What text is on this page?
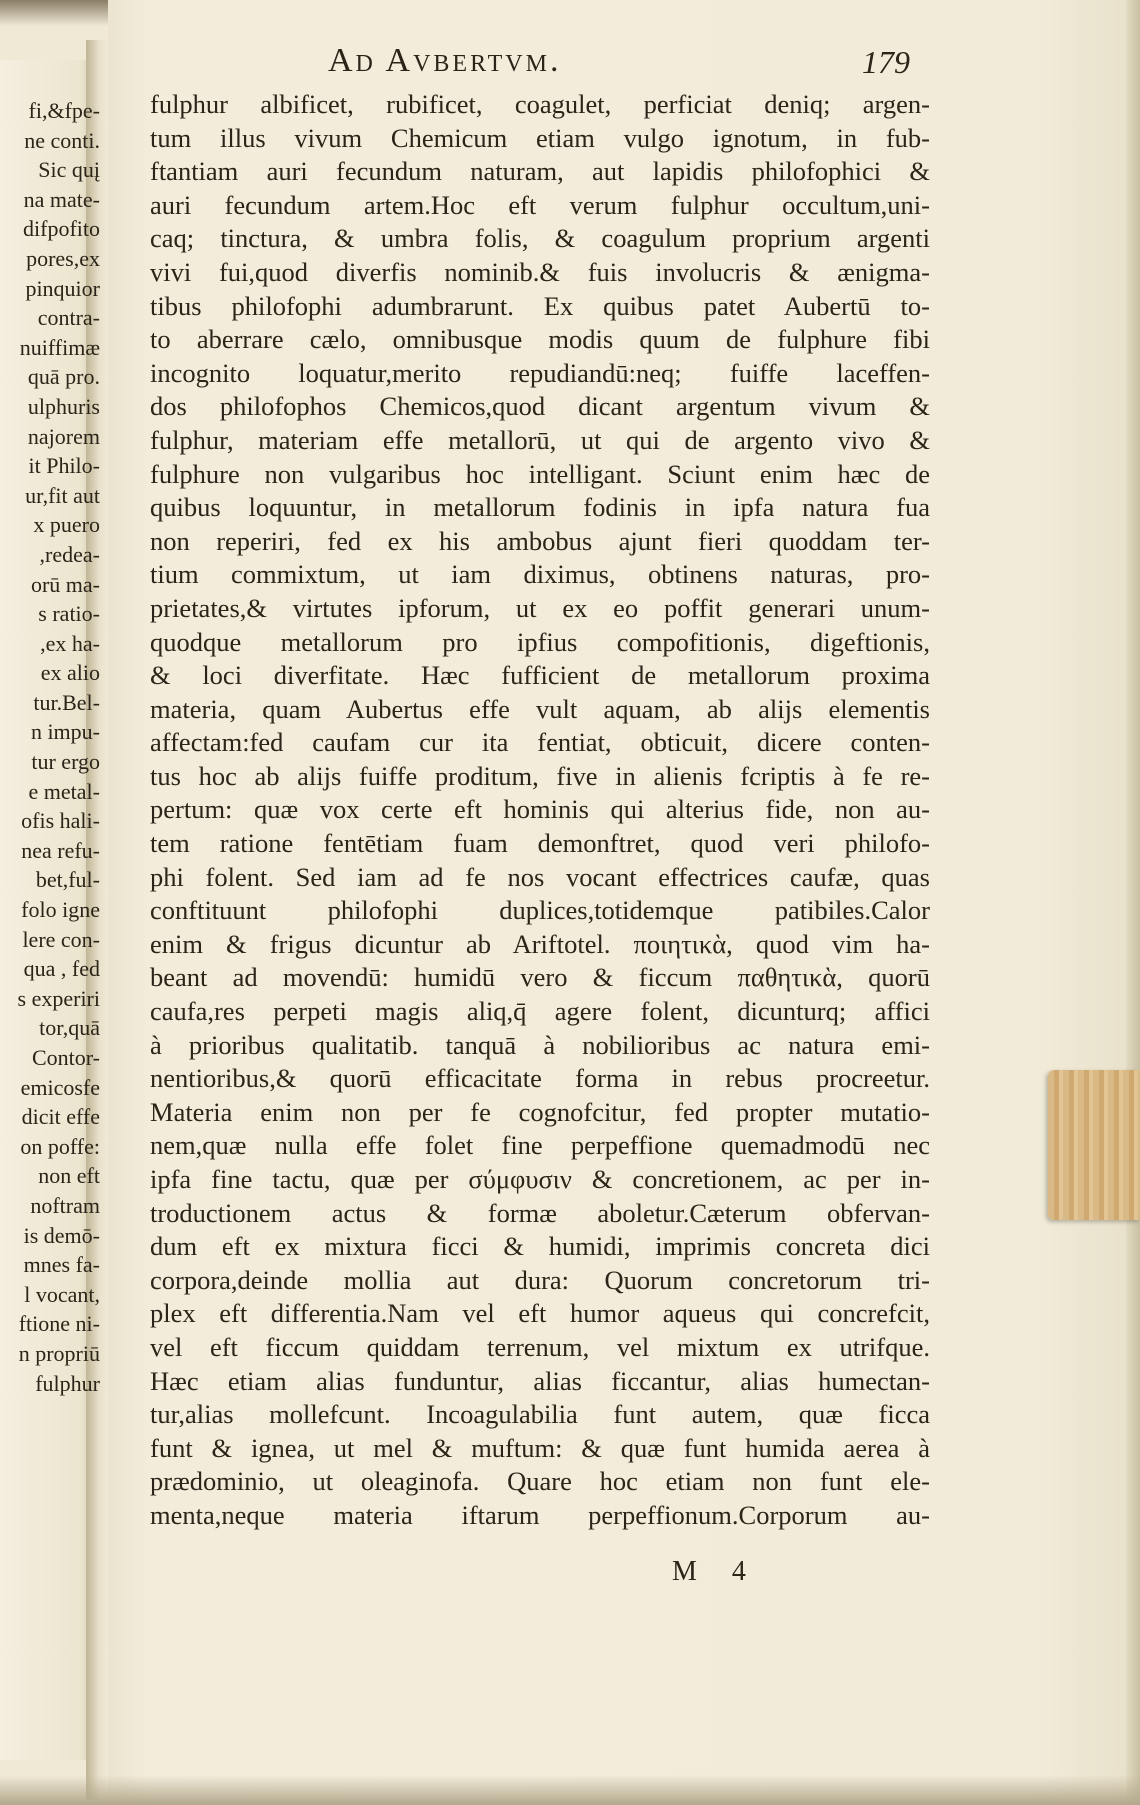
fi,&fpe-
ne conti.
Sic quį
na mate-
difpofito
pores,ex
pinquior
contra-
nuiffimæ
quā pro.
ulphuris
najorem
it Philo-
ur,fit aut
x puero
,redea-
orū ma-
s ratio-
,ex ha-
ex alio
tur.Bel-
n impu-
tur ergo
e metal-
ofis hali-
nea refu-
bet,ful-
folo igne
lere con-
qua , fed
s experiri
tor,quā
Contor-
emicosfe
dicit effe
on poffe:
non eft
noftram
is demō-
mnes fa-
l vocant,
ftione ni-
n propriū
fulphur
Ad Avbertvm.	179
fulphur albificet, rubificet, coagulet, perficiat deniq; argen-
tum illus vivum Chemicum etiam vulgo ignotum, in fub-
ftantiam auri fecundum naturam, aut lapidis philofophici &
auri fecundum artem.Hoc eft verum fulphur occultum,uni-
caq; tinctura, & umbra folis, & coagulum proprium argenti
vivi fui,quod diverfis nominib.& fuis involucris & ænigma-
tibus philofophi adumbrarunt. Ex quibus patet Aubertū to-
to aberrare cælo, omnibusque modis quum de fulphure fibi
incognito loquatur,merito repudiandū:neq; fuiffe laceffen-
dos philofophos Chemicos,quod dicant argentum vivum &
fulphur, materiam effe metallorū, ut qui de argento vivo &
fulphure non vulgaribus hoc intelligant. Sciunt enim hæc de
quibus loquuntur, in metallorum fodinis in ipfa natura fua
non reperiri, fed ex his ambobus ajunt fieri quoddam ter-
tium commixtum, ut iam diximus, obtinens naturas, pro-
prietates,& virtutes ipforum, ut ex eo poffit generari unum-
quodque metallorum pro ipfius compofitionis, digeftionis,
& loci diverfitate. Hæc fufficient de metallorum proxima
materia, quam Aubertus effe vult aquam, ab alijs elementis
affectam:fed caufam cur ita fentiat, obticuit, dicere conten-
tus hoc ab alijs fuiffe proditum, five in alienis fcriptis à fe re-
pertum: quæ vox certe eft hominis qui alterius fide, non au-
tem ratione fentētiam fuam demonftret, quod veri philofo-
phi folent. Sed iam ad fe nos vocant effectrices caufæ, quas
conftituunt philofophi duplices,totidemque patibiles.Calor
enim & frigus dicuntur ab Ariftotel. ποιητικὰ, quod vim ha-
beant ad movendū: humidū vero & ficcum παθητικὰ, quorū
caufa,res perpeti magis aliq,q̄ agere folent, dicunturq; affici
à prioribus qualitatib. tanquā à nobilioribus ac natura emi-
nentioribus,& quorū efficacitate forma in rebus procreetur.
Materia enim non per fe cognofcitur, fed propter mutatio-
nem,quæ nulla effe folet fine perpeffione quemadmodū nec
ipfa fine tactu, quæ per σύμφυσιν & concretionem, ac per in-
troductionem actus & formæ aboletur.Cæterum obfervan-
dum eft ex mixtura ficci & humidi, imprimis concreta dici
corpora,deinde mollia aut dura: Quorum concretorum tri-
plex eft differentia.Nam vel eft humor aqueus qui concrefcit,
vel eft ficcum quiddam terrenum, vel mixtum ex utrifque.
Hæc etiam alias funduntur, alias ficcantur, alias humectan-
tur,alias mollefcunt. Incoagulabilia funt autem, quæ ficca
funt & ignea, ut mel & muftum: & quæ funt humida aerea à
prædominio, ut oleaginofa. Quare hoc etiam non funt ele-
menta,neque materia iftarum perpeffionum.Corporum au-
M 4
